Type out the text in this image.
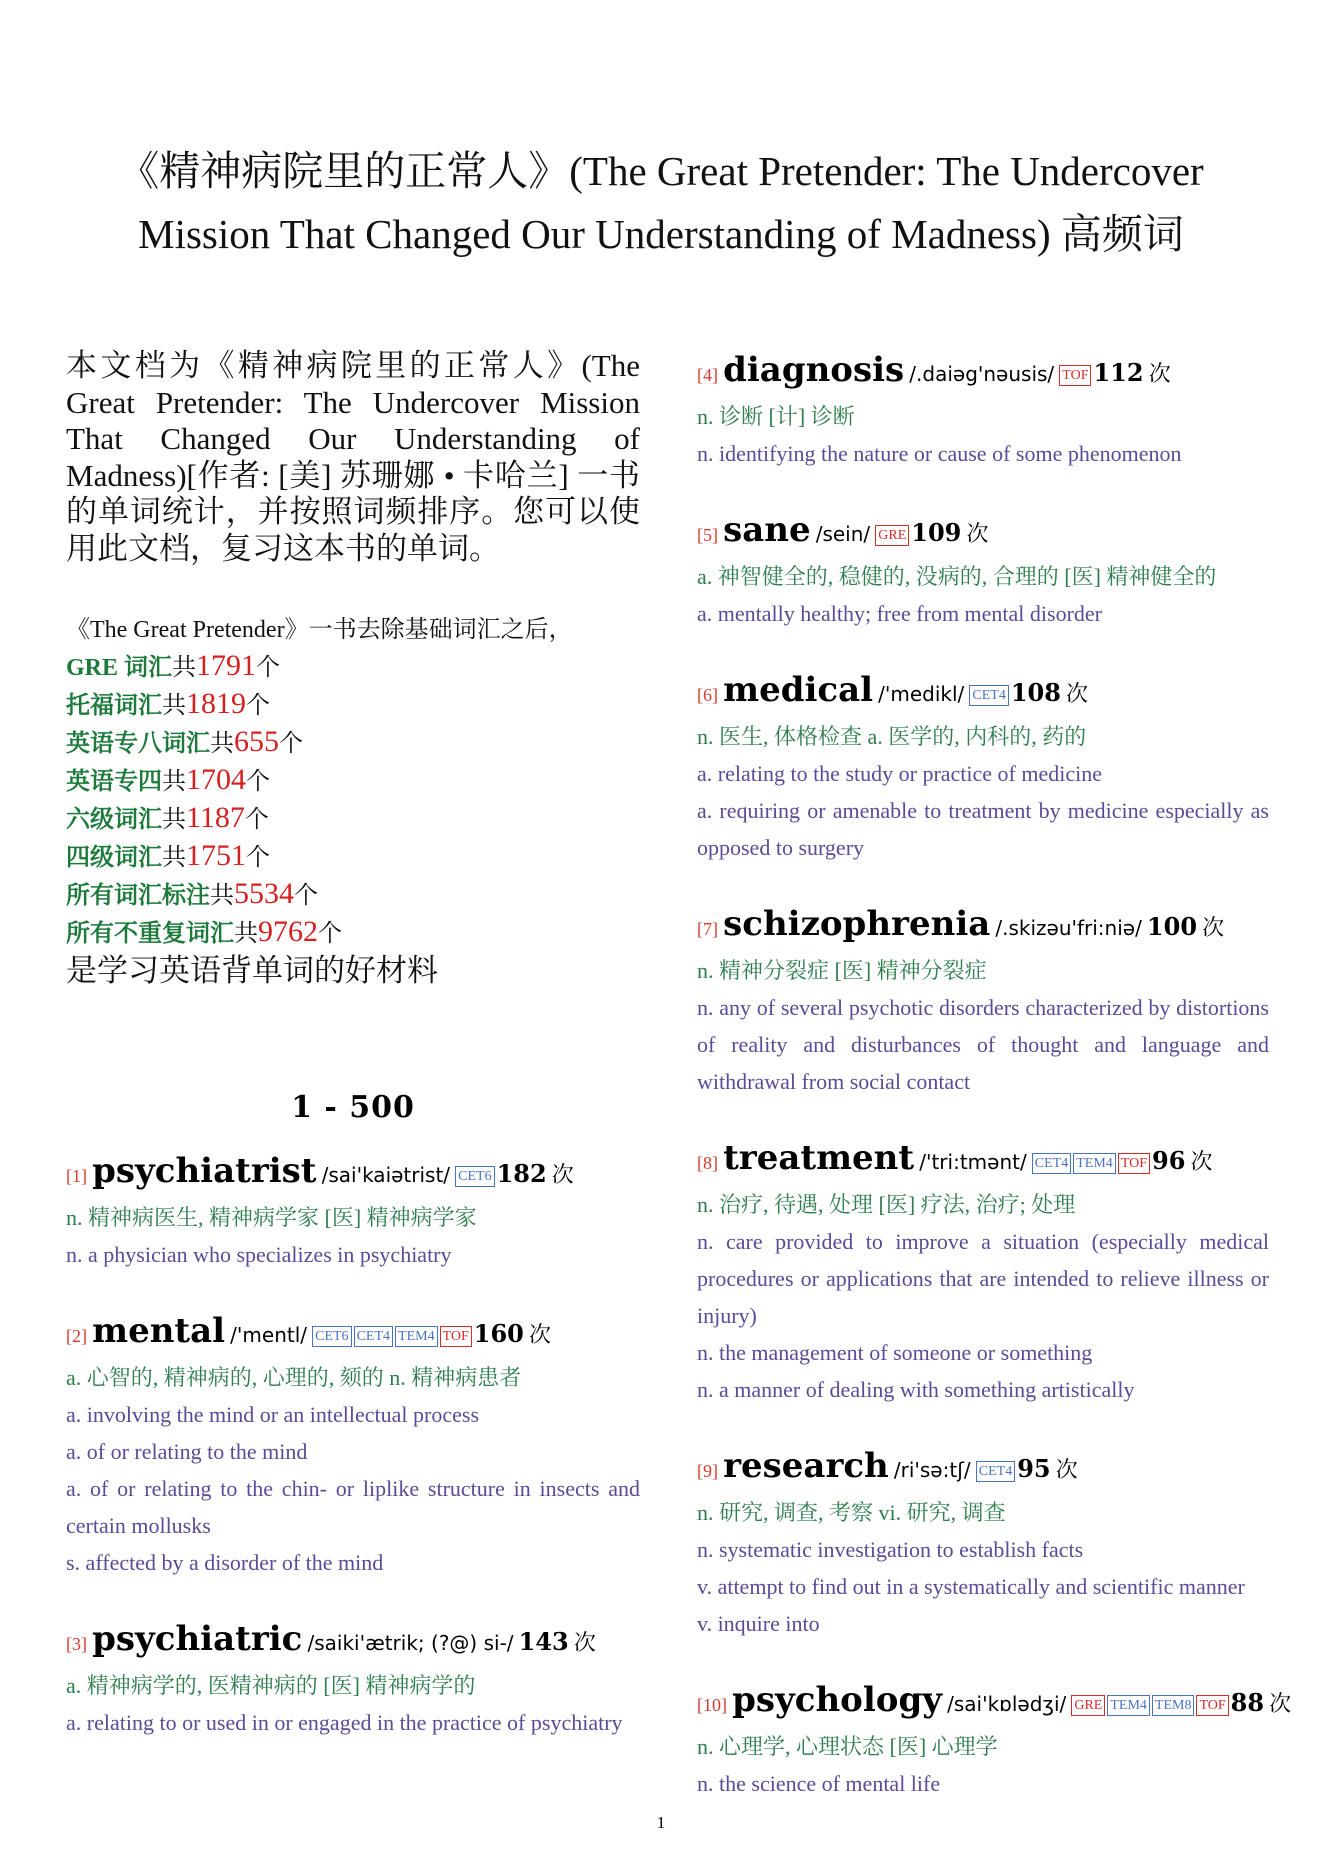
《精神病院里的正常人》(The Great Pretender: The Undercover Mission That Changed Our Understanding of Madness) 高频词
本文档为《精神病院里的正常人》(The Great Pretender: The Undercover Mission That Changed Our Understanding of Madness)[作者: [美] 苏珊娜 • 卡哈兰] 一书的单词统计，并按照词频排序。您可以使用此文档，复习这本书的单词。
《The Great Pretender》一书去除基础词汇之后，
GRE 词汇共1791个
托福词汇共1819个
英语专八词汇共655个
英语专四共1704个
六级词汇共1187个
四级词汇共1751个
所有词汇标注共5534个
所有不重复词汇共9762个
是学习英语背单词的好材料
1 - 500
[1] psychiatrist /sai'kaiətrist/ CET6 182 次
n. 精神病医生, 精神病学家 [医] 精神病学家
n. a physician who specializes in psychiatry
[2] mental /'mentl/ CET6 CET4 TEM4 TOF 160 次
a. 心智的, 精神病的, 心理的, 颏的 n. 精神病患者
a. involving the mind or an intellectual process
a. of or relating to the mind
a. of or relating to the chin- or liplike structure in insects and certain mollusks
s. affected by a disorder of the mind
[3] psychiatric /saiki'ætrik; (?@) si-/ 143 次
a. 精神病学的, 医精神病的 [医] 精神病学的
a. relating to or used in or engaged in the practice of psychiatry
[4] diagnosis /.daiəg'nəusis/ TOF 112 次
n. 诊断 [计] 诊断
n. identifying the nature or cause of some phenomenon
[5] sane /sein/ GRE 109 次
a. 神智健全的, 稳健的, 没病的, 合理的 [医] 精神健全的
a. mentally healthy; free from mental disorder
[6] medical /'medikl/ CET4 108 次
n. 医生, 体格检查 a. 医学的, 内科的, 药的
a. relating to the study or practice of medicine
a. requiring or amenable to treatment by medicine especially as opposed to surgery
[7] schizophrenia /.skizəu'fri:niə/ 100 次
n. 精神分裂症 [医] 精神分裂症
n. any of several psychotic disorders characterized by distortions of reality and disturbances of thought and language and withdrawal from social contact
[8] treatment /'tri:tmənt/ CET4 TEM4 TOF 96 次
n. 治疗, 待遇, 处理 [医] 疗法, 治疗; 处理
n. care provided to improve a situation (especially medical procedures or applications that are intended to relieve illness or injury)
n. the management of someone or something
n. a manner of dealing with something artistically
[9] research /ri'sə:tʃ/ CET4 95 次
n. 研究, 调查, 考察 vi. 研究, 调查
n. systematic investigation to establish facts
v. attempt to find out in a systematically and scientific manner
v. inquire into
[10] psychology /sai'kɒlədʒi/ GRE TEM4 TEM8 TOF 88 次
n. 心理学, 心理状态 [医] 心理学
n. the science of mental life
1
